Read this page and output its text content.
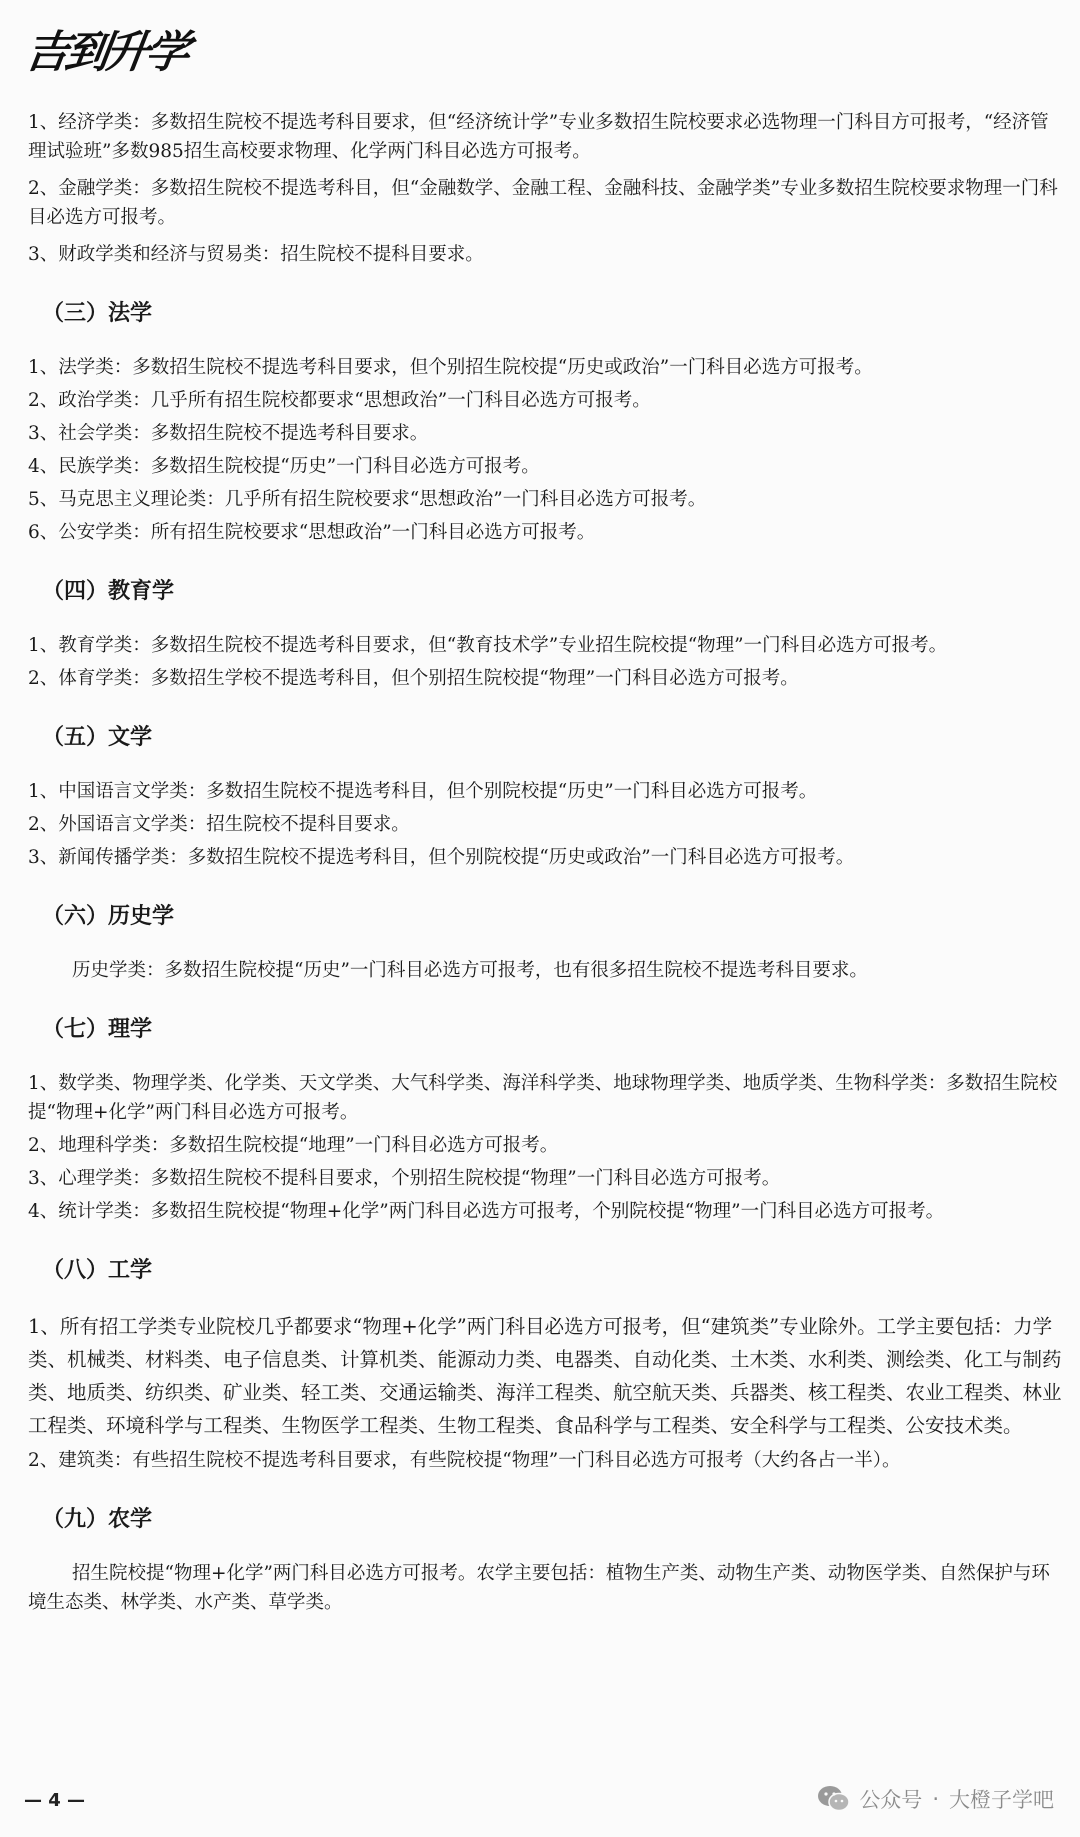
吉到升学

1、经济学类：多数招生院校不提选考科目要求，但“经济统计学”专业多数招生院校要求必选物理一门科目方可报考，“经济管理试验班”多数985招生高校要求物理、化学两门科目必选方可报考。

2、金融学类：多数招生院校不提选考科目，但“金融数学、金融工程、金融科技、金融学类”专业多数招生院校要求物理一门科目必选方可报考。

3、财政学类和经济与贸易类：招生院校不提科目要求。

（三）法学

1、法学类：多数招生院校不提选考科目要求，但个别招生院校提“历史或政治”一门科目必选方可报考。

2、政治学类：几乎所有招生院校都要求“思想政治”一门科目必选方可报考。

3、社会学类：多数招生院校不提选考科目要求。

4、民族学类：多数招生院校提“历史”一门科目必选方可报考。

5、马克思主义理论类：几乎所有招生院校要求“思想政治”一门科目必选方可报考。

6、公安学类：所有招生院校要求“思想政治”一门科目必选方可报考。

（四）教育学

1、教育学类：多数招生院校不提选考科目要求，但“教育技术学”专业招生院校提“物理”一门科目必选方可报考。

2、体育学类：多数招生学校不提选考科目，但个别招生院校提“物理”一门科目必选方可报考。

（五）文学

1、中国语言文学类：多数招生院校不提选考科目，但个别院校提“历史”一门科目必选方可报考。

2、外国语言文学类：招生院校不提科目要求。

3、新闻传播学类：多数招生院校不提选考科目，但个别院校提“历史或政治”一门科目必选方可报考。

（六）历史学

历史学类：多数招生院校提“历史”一门科目必选方可报考，也有很多招生院校不提选考科目要求。

（七）理学

1、数学类、物理学类、化学类、天文学类、大气科学类、海洋科学类、地球物理学类、地质学类、生物科学类：多数招生院校提“物理+化学”两门科目必选方可报考。

2、地理科学类：多数招生院校提“地理”一门科目必选方可报考。

3、心理学类：多数招生院校不提科目要求，个别招生院校提“物理”一门科目必选方可报考。

4、统计学类：多数招生院校提“物理+化学”两门科目必选方可报考，个别院校提“物理”一门科目必选方可报考。

（八）工学

1、所有招工学类专业院校几乎都要求“物理+化学”两门科目必选方可报考，但“建筑类”专业除外。工学主要包括：力学类、机械类、材料类、电子信息类、计算机类、能源动力类、电器类、自动化类、土木类、水利类、测绘类、化工与制药类、地质类、纺织类、矿业类、轻工类、交通运输类、海洋工程类、航空航天类、兵器类、核工程类、农业工程类、林业工程类、环境科学与工程类、生物医学工程类、生物工程类、食品科学与工程类、安全科学与工程类、公安技术类。

2、建筑类：有些招生院校不提选考科目要求，有些院校提“物理”一门科目必选方可报考（大约各占一半）。

（九）农学

招生院校提“物理+化学”两门科目必选方可报考。农学主要包括：植物生产类、动物生产类、动物医学类、自然保护与环境生态类、林学类、水产类、草学类。

— 4 —	公众号 · 大橙子学吧
